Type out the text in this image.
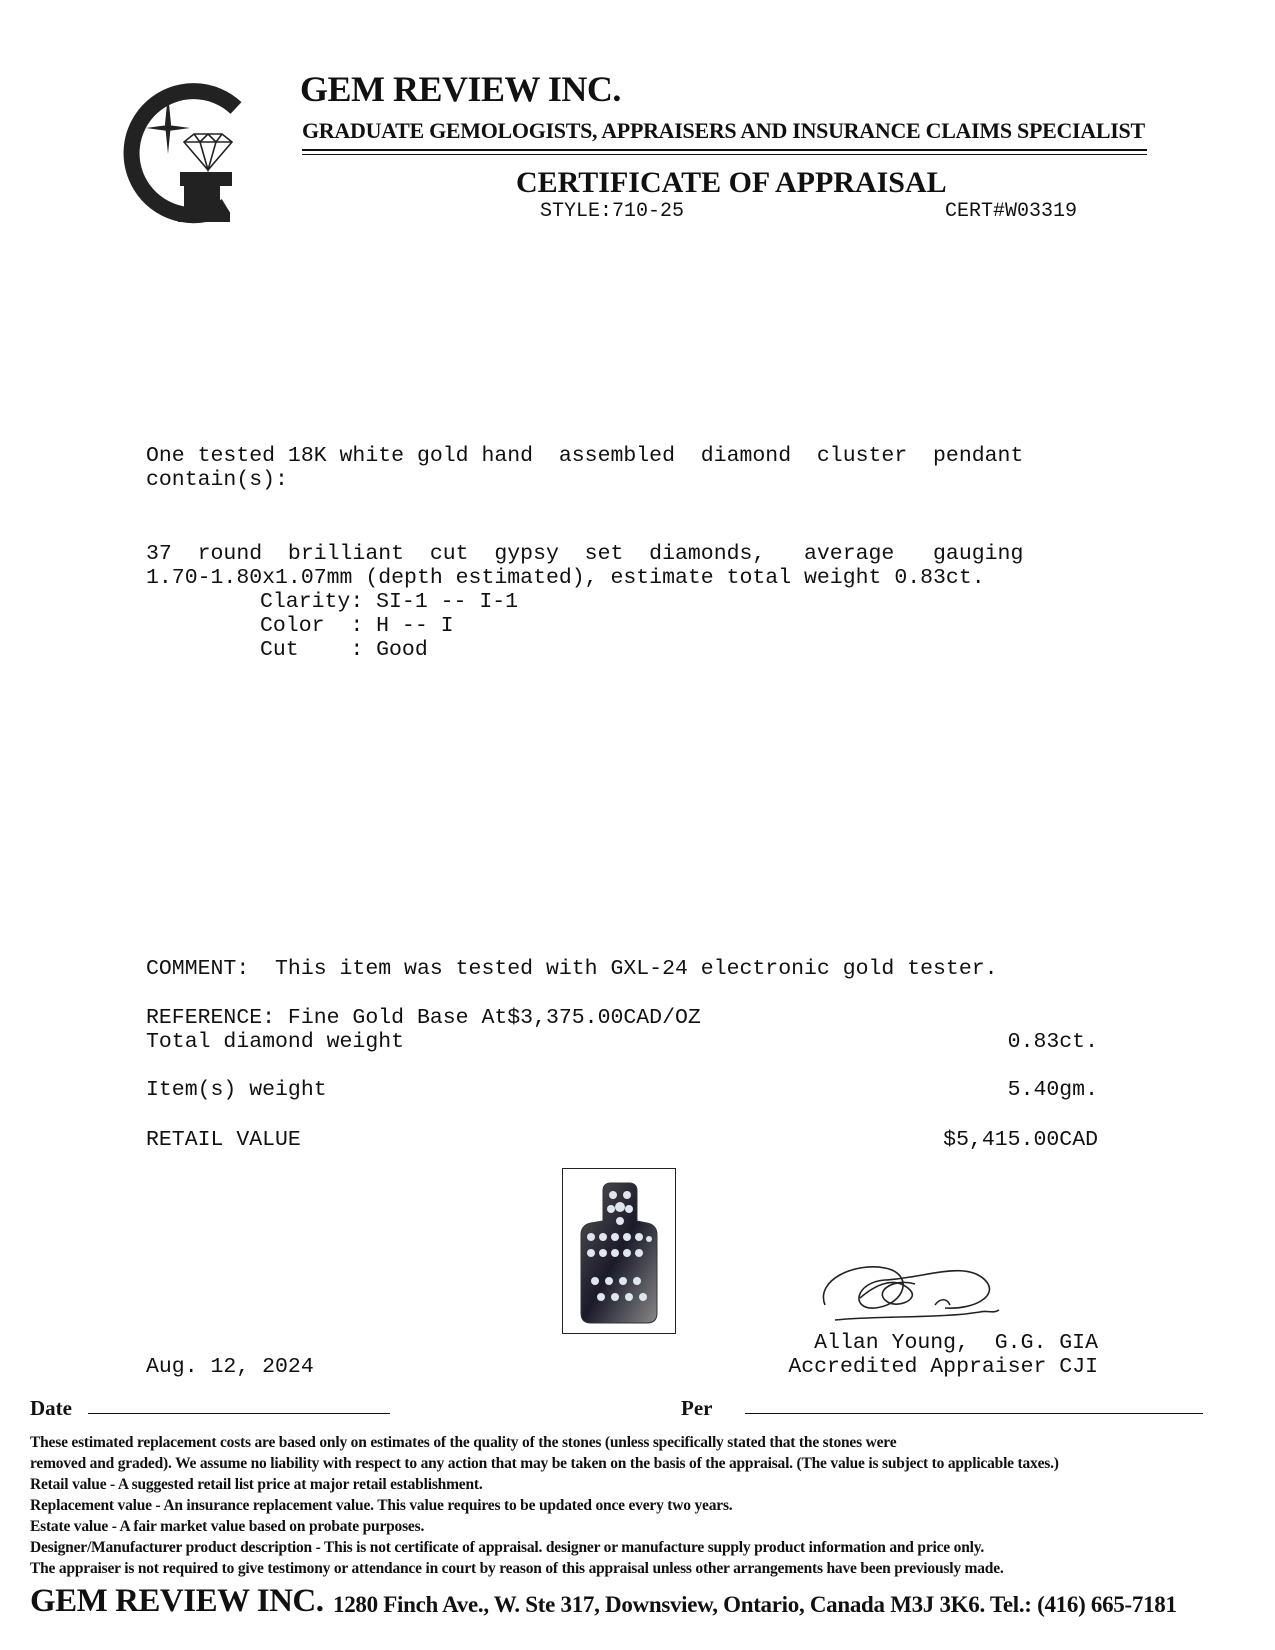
GEM REVIEW INC.
GRADUATE GEMOLOGISTS, APPRAISERS AND INSURANCE CLAIMS SPECIALIST
CERTIFICATE OF APPRAISAL
STYLE:710-25	CERT#W03319
One tested 18K white gold hand  assembled  diamond  cluster  pendant
contain(s):
37  round  brilliant  cut  gypsy  set  diamonds,   average   gauging
1.70-1.80x1.07mm (depth estimated), estimate total weight 0.83ct.
Clarity: SI-1 -- I-1
Color  : H -- I
Cut    : Good
COMMENT:  This item was tested with GXL-24 electronic gold tester.
REFERENCE: Fine Gold Base At$3,375.00CAD/OZ
Total diamond weight	0.83ct.
Item(s) weight	5.40gm.
RETAIL VALUE	$5,415.00CAD
Aug. 12, 2024
Allan Young,  G.G. GIA
Accredited Appraiser CJI
Date	Per
These estimated replacement costs are based only on estimates of the quality of the stones (unless specifically stated that the stones were
removed and graded). We assume no liability with respect to any action that may be taken on the basis of the appraisal. (The value is subject to applicable taxes.)
Retail value - A suggested retail list price at major retail establishment.
Replacement value - An insurance replacement value. This value requires to be updated once every two years.
Estate value - A fair market value based on probate purposes.
Designer/Manufacturer product description - This is not certificate of appraisal. designer or manufacture supply product information and price only.
The appraiser is not required to give testimony or attendance in court by reason of this appraisal unless other arrangements have been previously made.
GEM REVIEW INC. 1280 Finch Ave., W. Ste 317, Downsview, Ontario, Canada M3J 3K6. Tel.: (416) 665-7181
